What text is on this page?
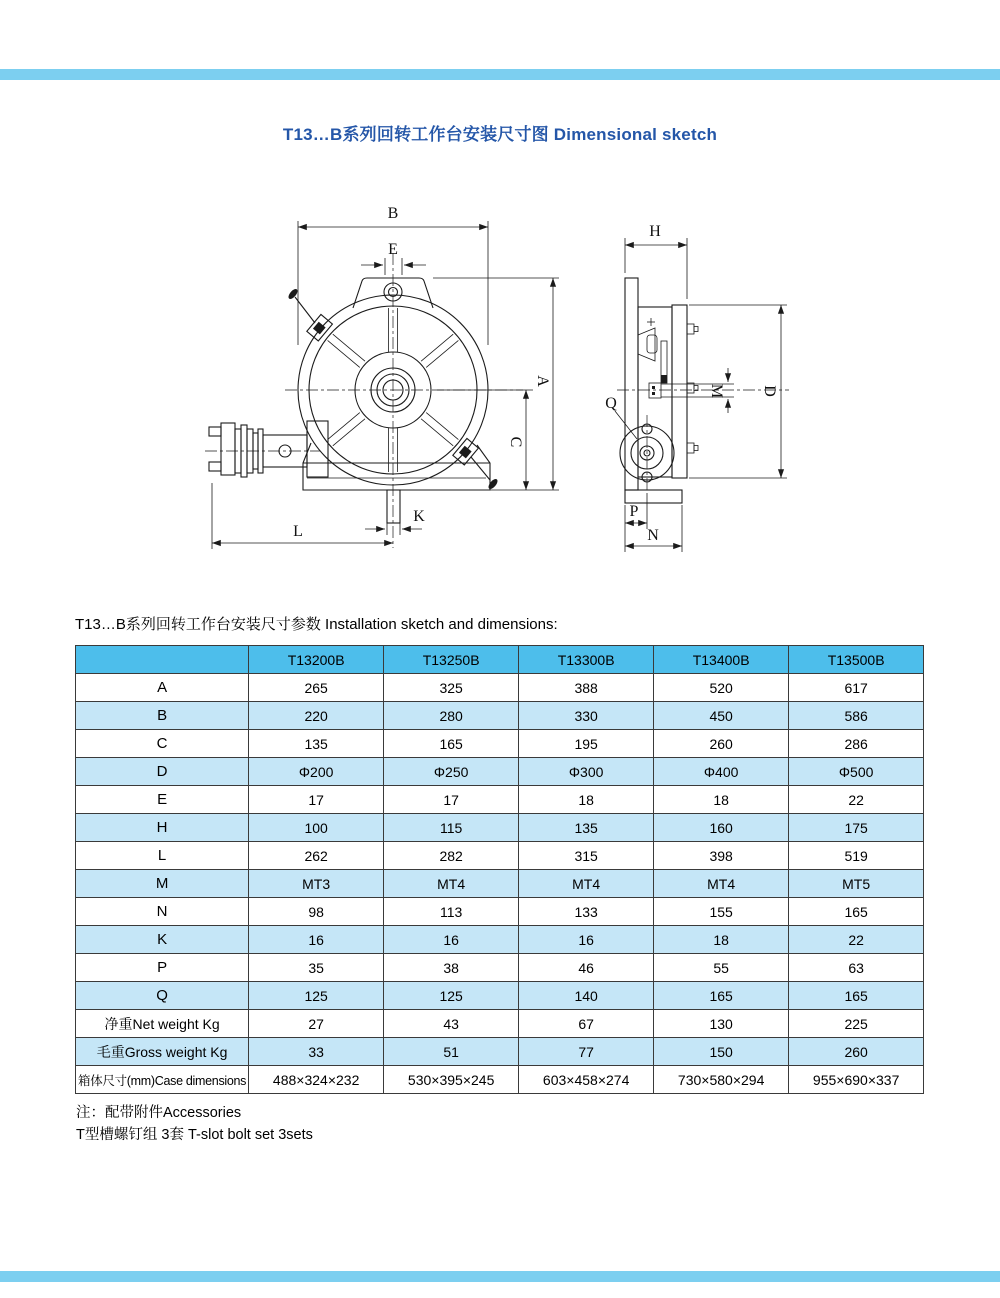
T13…B系列回转工作台安装尺寸图 Dimensional sketch
B
E
A
C
K
L
H
D
M
Q
P
N
T13…B系列回转工作台安装尺寸参数 Installation sketch and dimensions:
	T13200B	T13250B	T13300B	T13400B	T13500B
A	265	325	388	520	617
B	220	280	330	450	586
C	135	165	195	260	286
D	Φ200	Φ250	Φ300	Φ400	Φ500
E	17	17	18	18	22
H	100	115	135	160	175
L	262	282	315	398	519
M	MT3	MT4	MT4	MT4	MT5
N	98	113	133	155	165
K	16	16	16	18	22
P	35	38	46	55	63
Q	125	125	140	165	165
净重Net weight Kg	27	43	67	130	225
毛重Gross weight Kg	33	51	77	150	260
箱体尺寸(mm)Case dimensions	488×324×232	530×395×245	603×458×274	730×580×294	955×690×337
注：配带附件Accessories
T型槽螺钉组 3套 T-slot bolt set 3sets
